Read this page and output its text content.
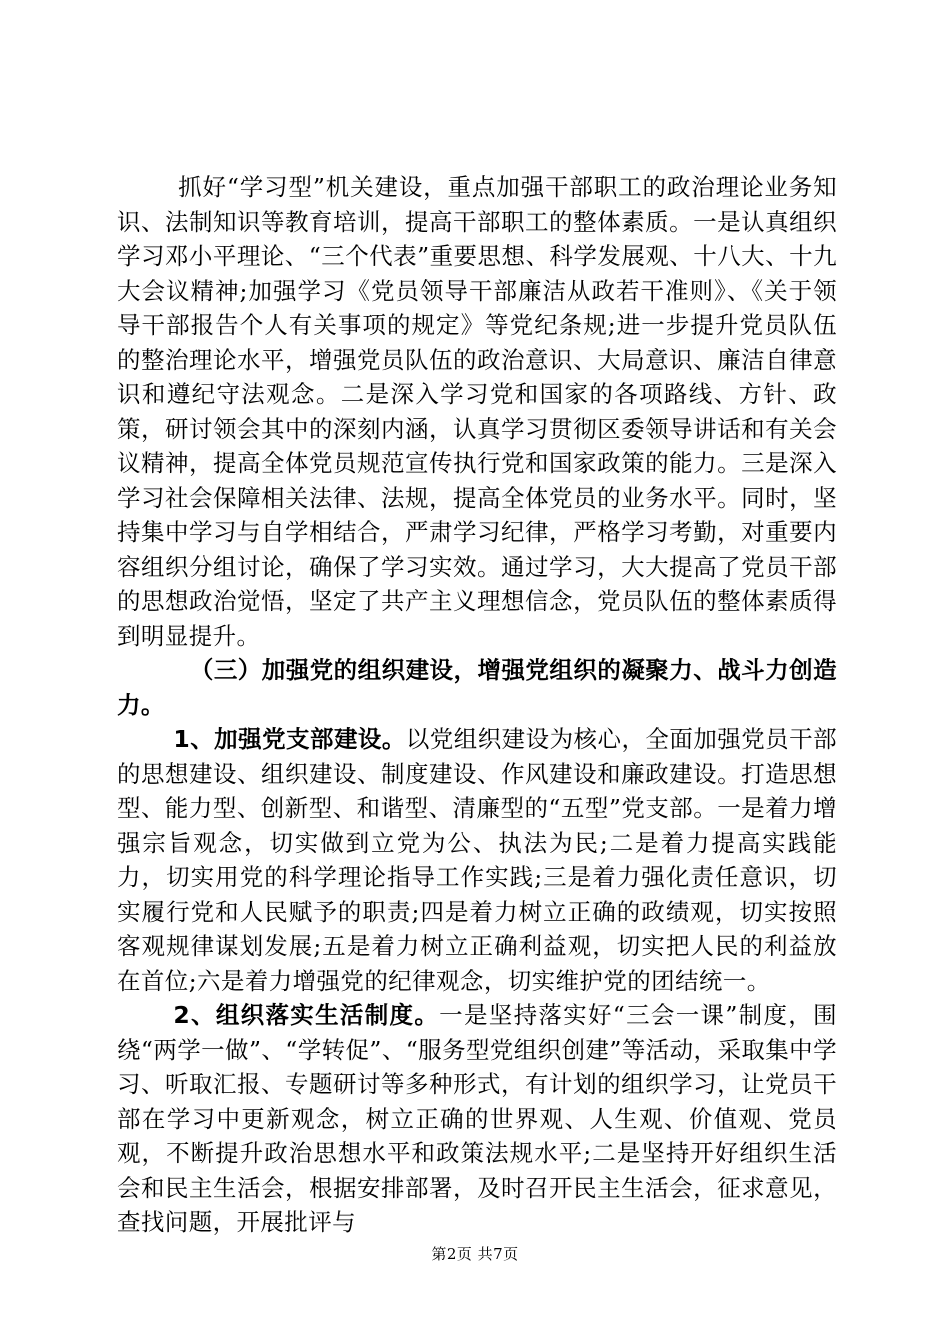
抓好“学习型”机关建设，重点加强干部职工的政治理论业务知识、法制知识等教育培训，提高干部职工的整体素质。一是认真组织学习邓小平理论、“三个代表”重要思想、科学发展观、十八大、十九大会议精神;加强学习《党员领导干部廉洁从政若干准则》、《关于领导干部报告个人有关事项的规定》等党纪条规;进一步提升党员队伍的整治理论水平，增强党员队伍的政治意识、大局意识、廉洁自律意识和遵纪守法观念。二是深入学习党和国家的各项路线、方针、政策，研讨领会其中的深刻内涵，认真学习贯彻区委领导讲话和有关会议精神，提高全体党员规范宣传执行党和国家政策的能力。三是深入学习社会保障相关法律、法规，提高全体党员的业务水平。同时，坚持集中学习与自学相结合，严肃学习纪律，严格学习考勤，对重要内容组织分组讨论，确保了学习实效。通过学习，大大提高了党员干部的思想政治觉悟，坚定了共产主义理想信念，党员队伍的整体素质得到明显提升。

（三）加强党的组织建设，增强党组织的凝聚力、战斗力创造力。

1、加强党支部建设。以党组织建设为核心，全面加强党员干部的思想建设、组织建设、制度建设、作风建设和廉政建设。打造思想型、能力型、创新型、和谐型、清廉型的“五型”党支部。一是着力增强宗旨观念，切实做到立党为公、执法为民;二是着力提高实践能力，切实用党的科学理论指导工作实践;三是着力强化责任意识，切实履行党和人民赋予的职责;四是着力树立正确的政绩观，切实按照客观规律谋划发展;五是着力树立正确利益观，切实把人民的利益放在首位;六是着力增强党的纪律观念，切实维护党的团结统一。

2、组织落实生活制度。一是坚持落实好“三会一课”制度，围绕“两学一做”、“学转促”、“服务型党组织创建”等活动，采取集中学习、听取汇报、专题研讨等多种形式，有计划的组织学习，让党员干部在学习中更新观念，树立正确的世界观、人生观、价值观、党员观，不断提升政治思想水平和政策法规水平;二是坚持开好组织生活会和民主生活会，根据安排部署，及时召开民主生活会，征求意见，查找问题，开展批评与

第2页 共7页
